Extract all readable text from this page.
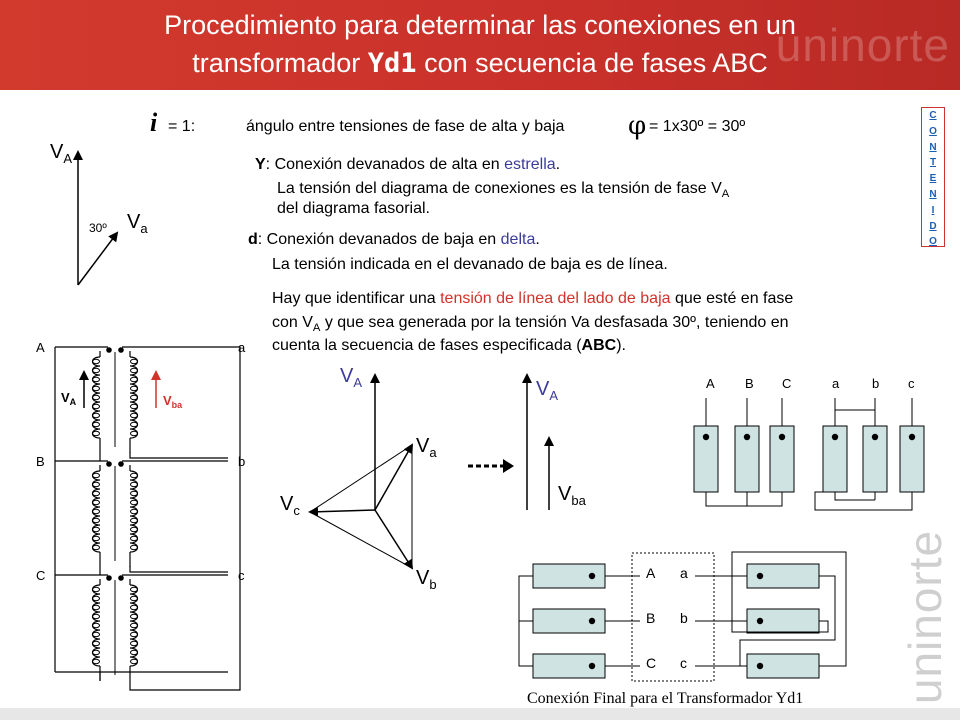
uninorte
Procedimiento para determinar las conexiones en un
transformador Yd1 con secuencia de fases ABC
C
O
N
T
E
N
I
D
O
uninorte
i = 1:	ángulo entre tensiones de fase de alta y baja φ = 1x30º = 30º
Y: Conexión devanados de alta en estrella.
La tensión del diagrama de conexiones es la tensión de fase $V_A$
del diagrama fasorial.
d: Conexión devanados de baja en delta.
La tensión indicada en el devanado de baja es de línea.
Hay que identificar una tensión de línea del lado de baja que esté en fase
con $V_A$ y que sea generada por la tensión Va desfasada 30º, teniendo en
cuenta la secuencia de fases especificada (ABC).
$V_A$
$V_a$
30º
A	a
B	b
C	c
$V_A$	$V_{ba}$
$V_A$
$V_a$
$V_b$
$V_c$
$V_A$
$V_{ba}$
A B C	a	b c
A a
B b
C c
Conexión Final para el Transformador Yd1
